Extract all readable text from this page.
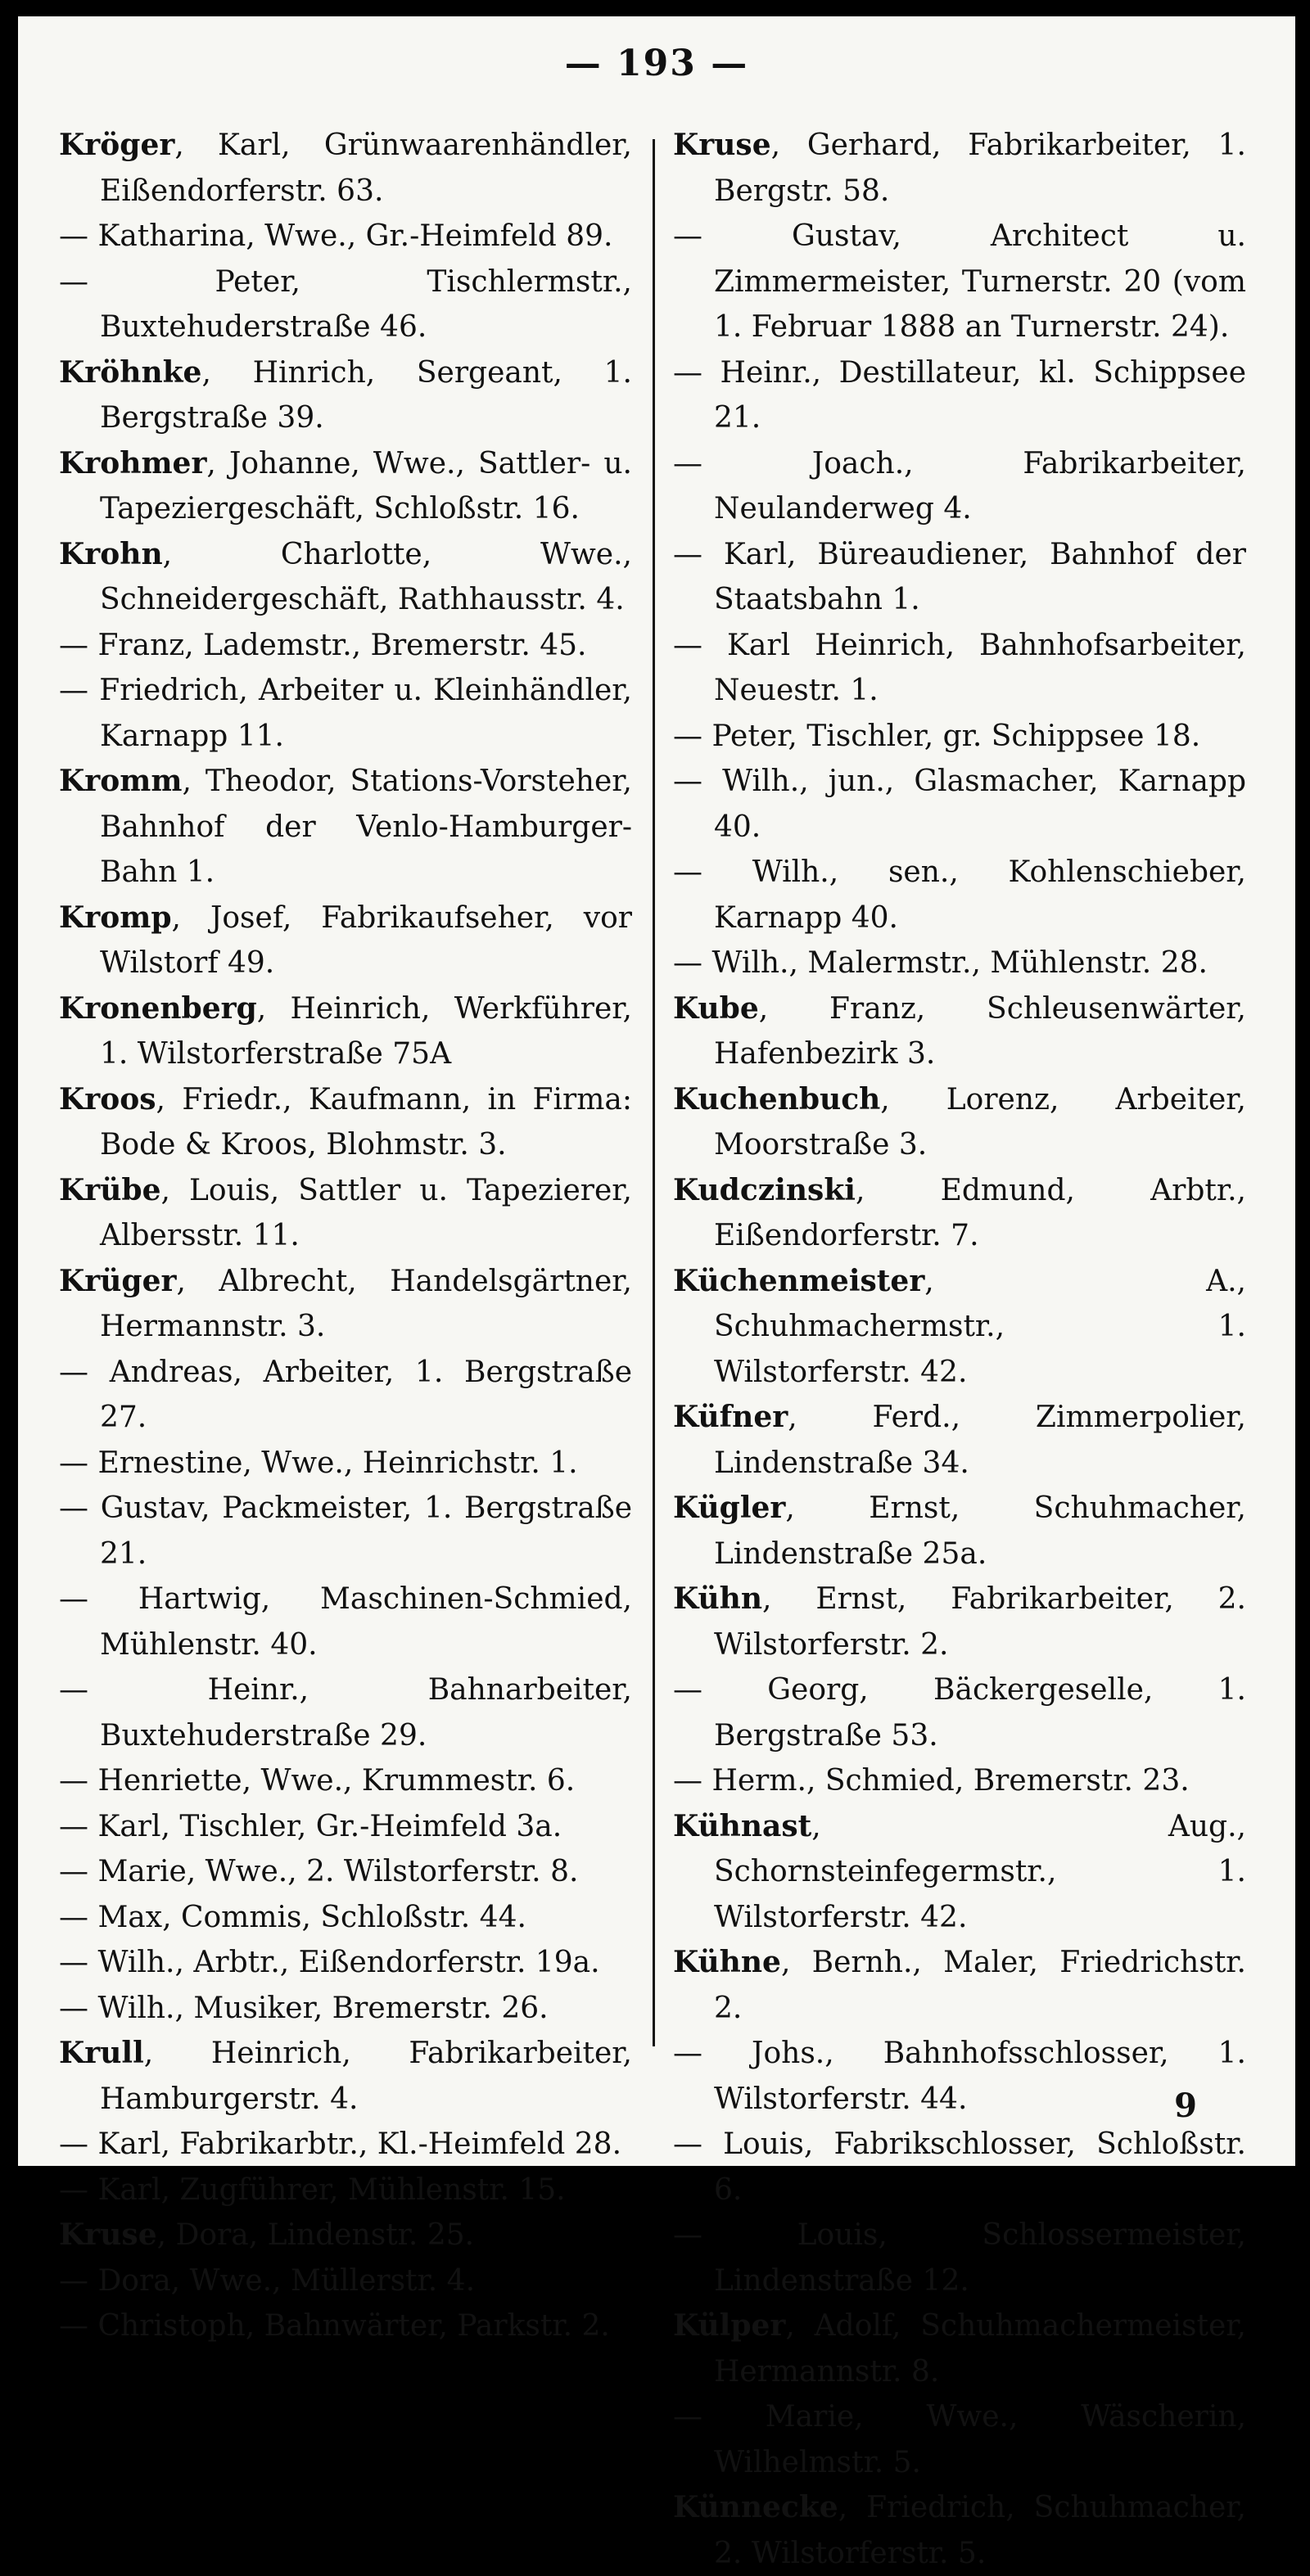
— 193 —
Kröger, Karl, Grünwaarenhändler, Eißendorferstr. 63.
— Katharina, Wwe., Gr.-Heimfeld 89.
— Peter, Tischlermstr., Buxtehuderstraße 46.
Kröhnke, Hinrich, Sergeant, 1. Bergstraße 39.
Krohmer, Johanne, Wwe., Sattler- u. Tapeziergeschäft, Schloßstr. 16.
Krohn, Charlotte, Wwe., Schneidergeschäft, Rathhausstr. 4.
— Franz, Lademstr., Bremerstr. 45.
— Friedrich, Arbeiter u. Kleinhändler, Karnapp 11.
Kromm, Theodor, Stations-Vorsteher, Bahnhof der Venlo-Hamburger-Bahn 1.
Kromp, Josef, Fabrikaufseher, vor Wilstorf 49.
Kronenberg, Heinrich, Werkführer, 1. Wilstorferstraße 75A
Kroos, Friedr., Kaufmann, in Firma: Bode & Kroos, Blohmstr. 3.
Krübe, Louis, Sattler u. Tapezierer, Albersstr. 11.
Krüger, Albrecht, Handelsgärtner, Hermannstr. 3.
— Andreas, Arbeiter, 1. Bergstraße 27.
— Ernestine, Wwe., Heinrichstr. 1.
— Gustav, Packmeister, 1. Bergstraße 21.
— Hartwig, Maschinen-Schmied, Mühlenstr. 40.
— Heinr., Bahnarbeiter, Buxtehuderstraße 29.
— Henriette, Wwe., Krummestr. 6.
— Karl, Tischler, Gr.-Heimfeld 3a.
— Marie, Wwe., 2. Wilstorferstr. 8.
— Max, Commis, Schloßstr. 44.
— Wilh., Arbtr., Eißendorferstr. 19a.
— Wilh., Musiker, Bremerstr. 26.
Krull, Heinrich, Fabrikarbeiter, Hamburgerstr. 4.
— Karl, Fabrikarbtr., Kl.-Heimfeld 28.
— Karl, Zugführer, Mühlenstr. 15.
Kruse, Dora, Lindenstr. 25.
— Dora, Wwe., Müllerstr. 4.
— Christoph, Bahnwärter, Parkstr. 2.
Kruse, Gerhard, Fabrikarbeiter, 1. Bergstr. 58.
— Gustav, Architect u. Zimmermeister, Turnerstr. 20 (vom 1. Februar 1888 an Turnerstr. 24).
— Heinr., Destillateur, kl. Schippsee 21.
— Joach., Fabrikarbeiter, Neulanderweg 4.
— Karl, Büreaudiener, Bahnhof der Staatsbahn 1.
— Karl Heinrich, Bahnhofsarbeiter, Neuestr. 1.
— Peter, Tischler, gr. Schippsee 18.
— Wilh., jun., Glasmacher, Karnapp 40.
— Wilh., sen., Kohlenschieber, Karnapp 40.
— Wilh., Malermstr., Mühlenstr. 28.
Kube, Franz, Schleusenwärter, Hafenbezirk 3.
Kuchenbuch, Lorenz, Arbeiter, Moorstraße 3.
Kudczinski, Edmund, Arbtr., Eißendorferstr. 7.
Küchenmeister, A., Schuhmachermstr., 1. Wilstorferstr. 42.
Küfner, Ferd., Zimmerpolier, Lindenstraße 34.
Kügler, Ernst, Schuhmacher, Lindenstraße 25a.
Kühn, Ernst, Fabrikarbeiter, 2. Wilstorferstr. 2.
— Georg, Bäckergeselle, 1. Bergstraße 53.
— Herm., Schmied, Bremerstr. 23.
Kühnast, Aug., Schornsteinfegermstr., 1. Wilstorferstr. 42.
Kühne, Bernh., Maler, Friedrichstr. 2.
— Johs., Bahnhofsschlosser, 1. Wilstorferstr. 44.
— Louis, Fabrikschlosser, Schloßstr. 6.
— Louis, Schlossermeister, Lindenstraße 12.
Külper, Adolf, Schuhmachermeister, Hermannstr. 8.
— Marie, Wwe., Wäscherin, Wilhelmstr. 5.
Künnecke, Friedrich, Schuhmacher, 2. Wilstorferstr. 5.
9
